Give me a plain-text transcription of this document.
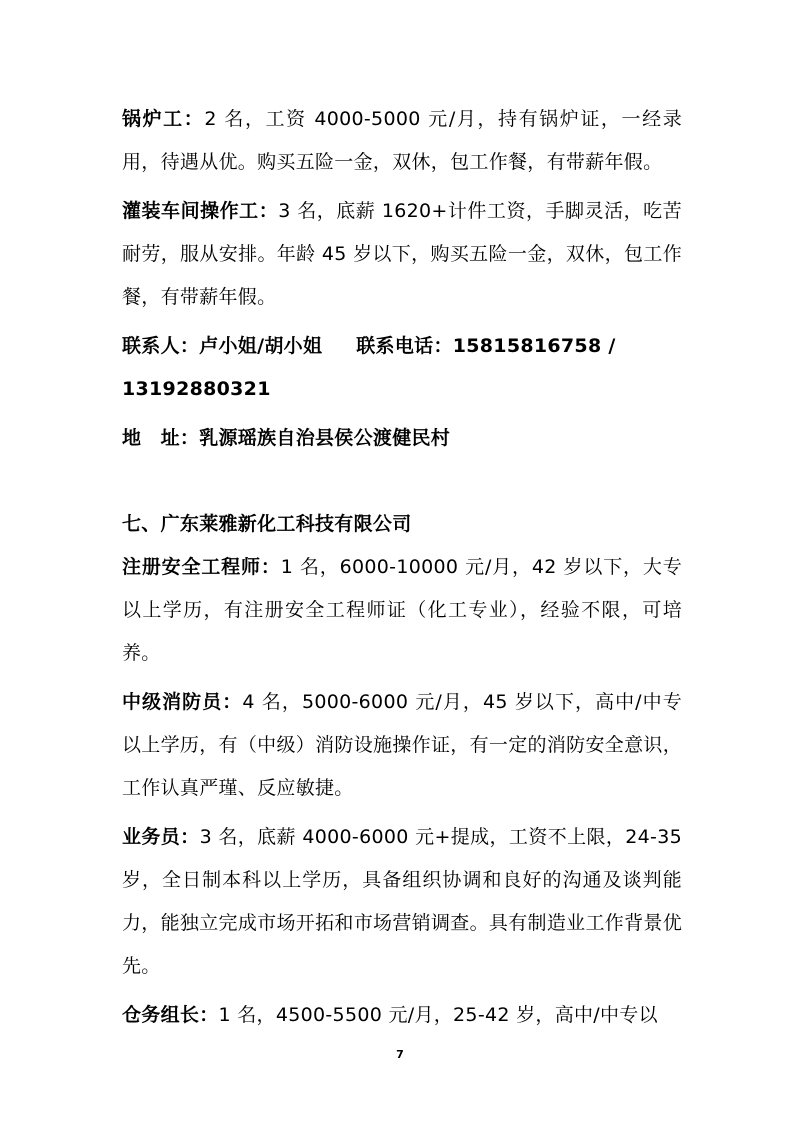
锅炉工：2 名，工资 4000-5000 元/月，持有锅炉证，一经录用，待遇从优。购买五险一金，双休，包工作餐，有带薪年假。

灌装车间操作工：3 名，底薪 1620+计件工资，手脚灵活，吃苦耐劳，服从安排。年龄 45 岁以下，购买五险一金，双休，包工作餐，有带薪年假。

联系人：卢小姐/胡小姐 联系电话：15815816758 /

13192880321

地　址：乳源瑶族自治县侯公渡健民村

七、广东莱雅新化工科技有限公司

注册安全工程师：1 名，6000-10000 元/月，42 岁以下，大专以上学历，有注册安全工程师证（化工专业），经验不限，可培养。

中级消防员：4 名，5000-6000 元/月，45 岁以下，高中/中专以上学历，有（中级）消防设施操作证，有一定的消防安全意识，工作认真严瑾、反应敏捷。

业务员：3 名，底薪 4000-6000 元+提成，工资不上限，24-35 岁，全日制本科以上学历，具备组织协调和良好的沟通及谈判能力，能独立完成市场开拓和市场营销调查。具有制造业工作背景优先。

仓务组长：1 名，4500-5500 元/月，25-42 岁，高中/中专以

7
